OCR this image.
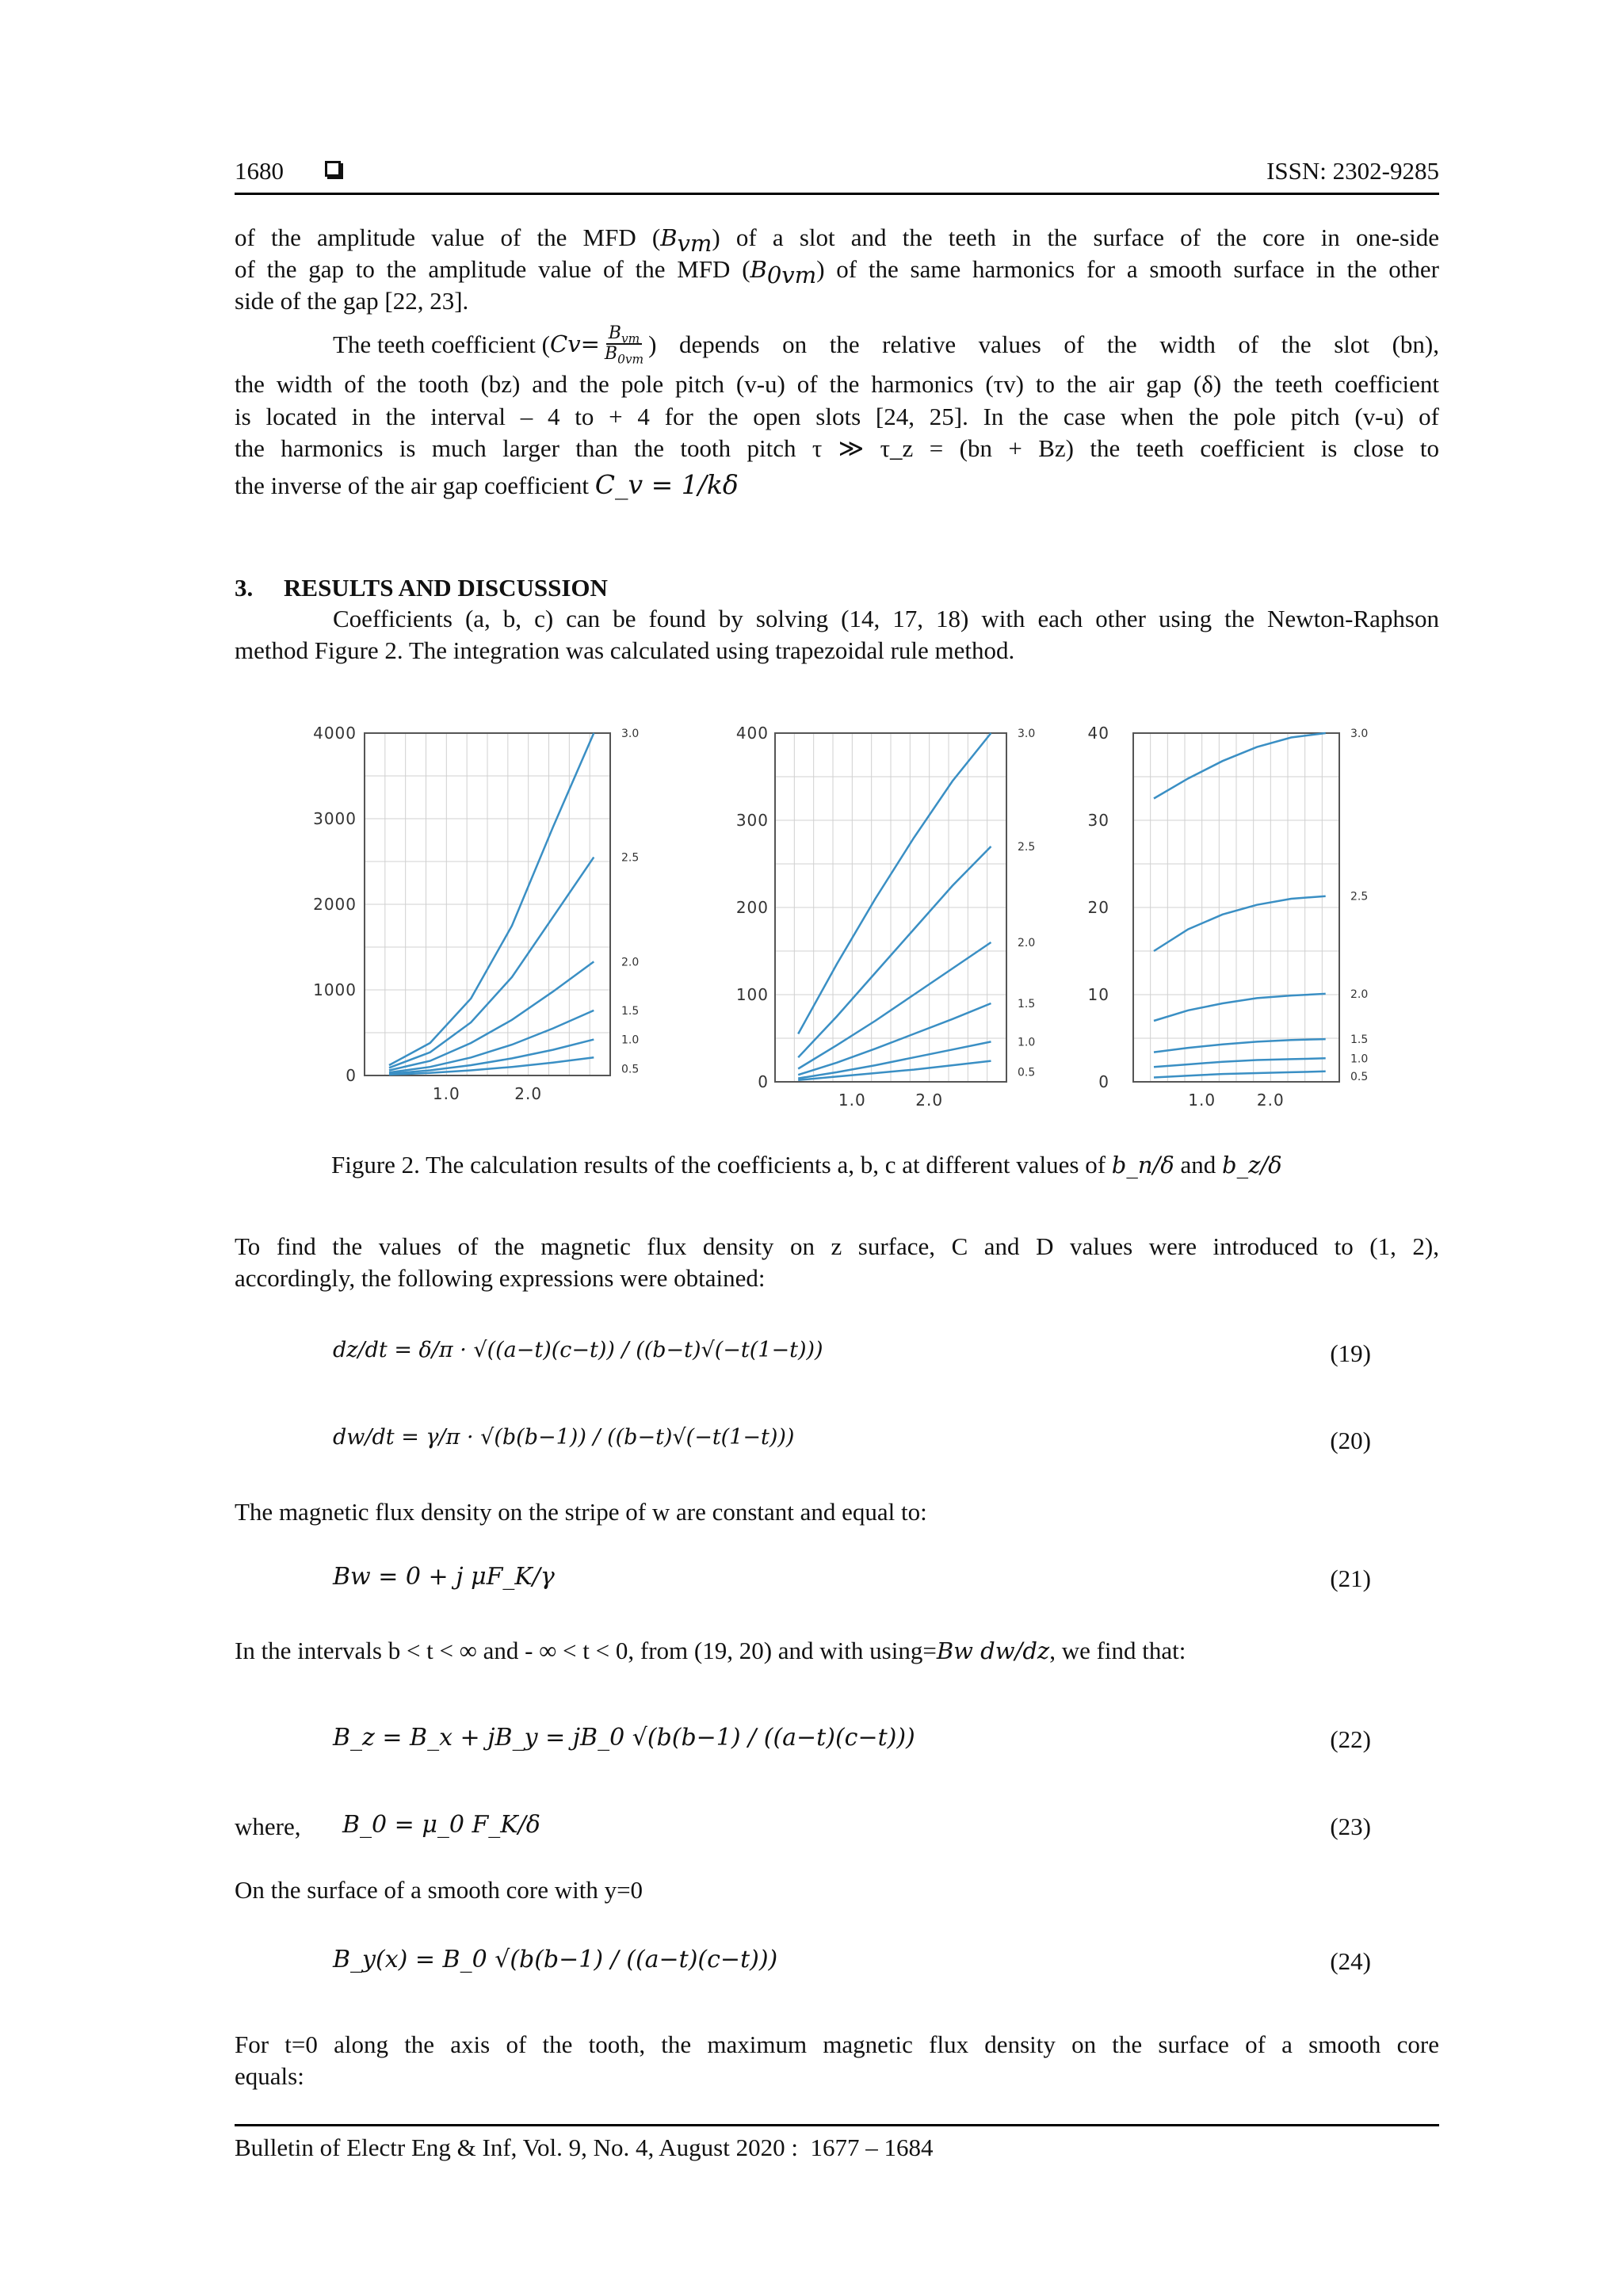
1680	ISSN: 2302-9285
of the amplitude value of the MFD $(B_{vm})$ of a slot and the teeth in the surface of the core in one-side
of the gap to the amplitude value of the MFD $(B_{0vm})$ of the same harmonics for a smooth surface in the other
side of the gap [22, 23].
The teeth coefficient ( C $v = \frac{B_{vm}}{B_{0vm}}$ ) depends on the relative values of the width of the slot (bn),
the width of the tooth (bz) and the pole pitch (v-u) of the harmonics (τv) to the air gap (δ) the teeth coefficient
is located in the interval – 4 to + 4 for the open slots [24, 25]. In the case when the pole pitch (v-u) of
the harmonics is much larger than the tooth pitch τ ≫ τ_z = (bn + Bz) the teeth coefficient is close to
the inverse of the air gap coefficient C_v = 1/kδ
3.     RESULTS AND DISCUSSION
Coefficients (a, b, c) can be found by solving (14, 17, 18) with each other using the Newton-Raphson
method Figure 2. The integration was calculated using trapezoidal rule method.
4000
3000
2000
1000
0
1.0	2.0
3.0
2.5
2.0
1.5
1.0
0.5
400
300
200
100
0
1.0	2.0
3.0
2.5
2.0
1.5
1.0
0.5
40
30
20
10
0
1.0	2.0
3.0
2.5
2.0
1.5
1.0
0.5
Figure 2. The calculation results of the coefficients a, b, c at different values of b_n/δ and b_z/δ
To find the values of the magnetic flux density on z surface, C and D values were introduced to (1, 2),
accordingly, the following expressions were obtained:
dz/dt = δ/π · √((a−t)(c−t)) / ((b−t)√(−t(1−t)))	(19)
dw/dt = γ/π · √(b(b−1)) / ((b−t)√(−t(1−t)))	(20)
The magnetic flux density on the stripe of w are constant and equal to:
Bw = 0 + j μF_K/γ	(21)
In the intervals b < t < ∞ and - ∞ < t < 0, from (19, 20) and with using=Bw dw/dz, we find that:
B_z = B_x + jB_y = jB_0 √(b(b−1) / ((a−t)(c−t)))	(22)
where, B_0 = μ_0 F_K/δ	(23)
On the surface of a smooth core with y=0
B_y(x) = B_0 √(b(b−1) / ((a−t)(c−t)))	(24)
For t=0 along the axis of the tooth, the maximum magnetic flux density on the surface of a smooth core
equals:
Bulletin of Electr Eng & Inf, Vol. 9, No. 4, August 2020 :  1677 – 1684
